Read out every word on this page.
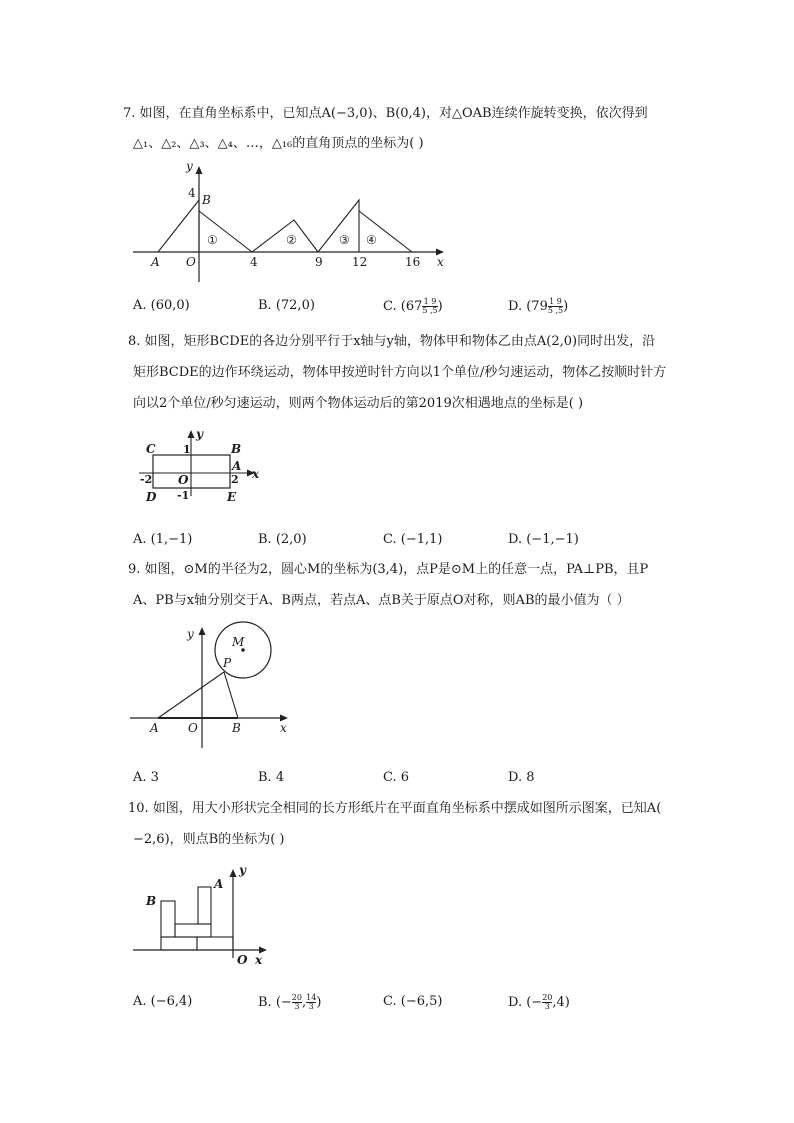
7. 如图，在直角坐标系中，已知点A(−3,0)、B(0,4)，对△OAB连续作旋转变换，依次得到
△₁、△₂、△₃、△₄、…，△₁₆的直角顶点的坐标为( )
y
4 B
A O	4	9 12	16 x
①	②	③ ④
A. (60,0)	B. (72,0)	C. ($67 \frac{1 9}{5 ,5}$ )	D. ($79 \frac{1 9}{5 ,5}$ )
8. 如图，矩形BCDE的各边分别平行于x轴与y轴，物体甲和物体乙由点A(2,0)同时出发，沿
矩形BCDE的边作环绕运动，物体甲按逆时针方向以1个单位/秒匀速运动，物体乙按顺时针方
向以2个单位/秒匀速运动，则两个物体运动后的第2019次相遇地点的坐标是( )
C 1
y
B
A
x
-2 O	2
D -1	E
A. (1,−1)	B. (2,0)	C. (−1,1)	D. (−1,−1)
9. 如图，⊙M的半径为2，圆心M的坐标为(3,4)，点P是⊙M上的任意一点，PA⊥PB，且P
A、PB与x轴分别交于A、B两点，若点A、点B关于原点O对称，则AB的最小值为（ ）
y
M
P
A O	B	x
A. 3	B. 4	C. 6	D. 8
10. 如图，用大小形状完全相同的长方形纸片在平面直角坐标系中摆成如图所示图案，已知A(
−2,6)，则点B的坐标为( )
B
A
y
O x
A. (−6,4)	B. (− $\frac{20}{3}$ , $\frac{14}{3}$ )	C. (−6,5)	D. (− $\frac{20}{3} ,4$)
